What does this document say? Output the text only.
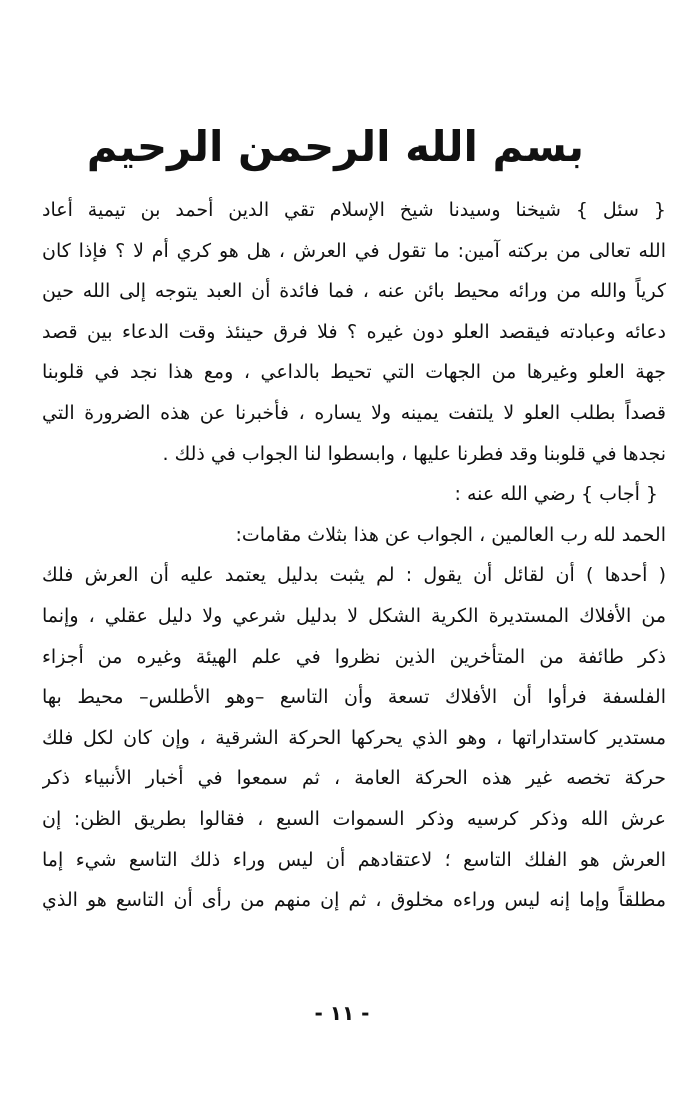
بسم الله الرحمن الرحيم
{ سئل } شيخنا وسيدنا شيخ الإسلام تقي الدين أحمد بن تيمية أعاد
الله تعالى من بركته آمين: ما تقول في العرش ، هل هو كري أم لا ؟ فإذا كان
كرياً والله من ورائه محيط بائن عنه ، فما فائدة أن العبد يتوجه إلى الله حين
دعائه وعبادته فيقصد العلو دون غيره ؟ فلا فرق حينئذ وقت الدعاء بين قصد
جهة العلو وغيرها من الجهات التي تحيط بالداعي ، ومع هذا نجد في قلوبنا
قصداً بطلب العلو لا يلتفت يمينه ولا يساره ، فأخبرنا عن هذه الضرورة التي
نجدها في قلوبنا وقد فطرنا عليها ، وابسطوا لنا الجواب في ذلك .
{ أجاب } رضي الله عنه :
الحمد لله رب العالمين ، الجواب عن هذا بثلاث مقامات:
( أحدها ) أن لقائل أن يقول : لم يثبت بدليل يعتمد عليه أن العرش فلك
من الأفلاك المستديرة الكرية الشكل لا بدليل شرعي ولا دليل عقلي ، وإنما
ذكر طائفة من المتأخرين الذين نظروا في علم الهيئة وغيره من أجزاء
الفلسفة فرأوا أن الأفلاك تسعة وأن التاسع –وهو الأطلس– محيط بها
مستدير كاستداراتها ، وهو الذي يحركها الحركة الشرقية ، وإن كان لكل فلك
حركة تخصه غير هذه الحركة العامة ، ثم سمعوا في أخبار الأنبياء ذكر
عرش الله وذكر كرسيه وذكر السموات السبع ، فقالوا بطريق الظن: إن
العرش هو الفلك التاسع ؛ لاعتقادهم أن ليس وراء ذلك التاسع شيء إما
مطلقاً وإما إنه ليس وراءه مخلوق ، ثم إن منهم من رأى أن التاسع هو الذي
- ١١ -
